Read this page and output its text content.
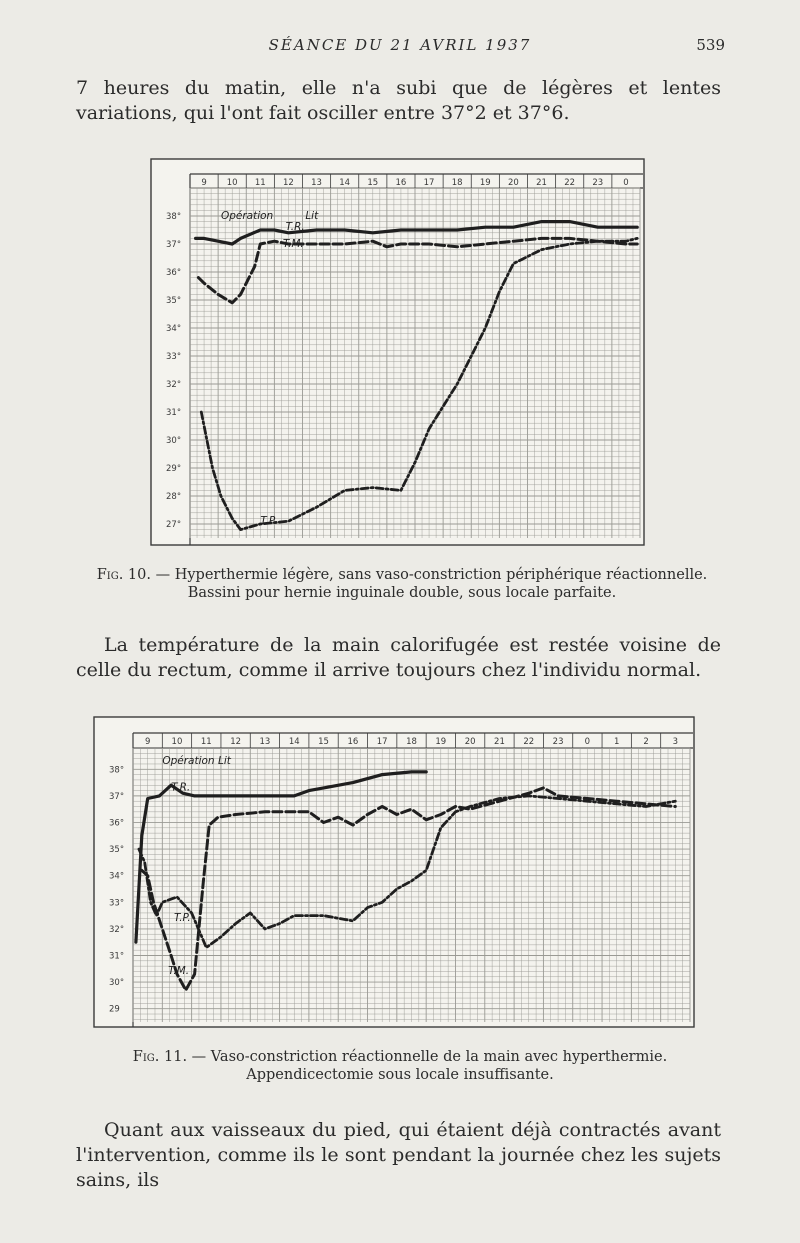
SÉANCE DU 21 AVRIL 1937	539
7 heures du matin, elle n'a subi que de légères et lentes variations, qui l'ont fait osciller entre 37°2 et 37°6.
9 10 11 12 13 14 15 16 17 18 19 20 21 22 23 0
38°
37°
36°
35°
34°
33°
32°
31°
30°
29°
28°
27°
Opération	Lit
T.R.
T.M.
T.P.
Fig. 10. — Hyperthermie légère, sans vaso-constriction périphérique réactionnelle. Bassini pour hernie inguinale double, sous locale parfaite.
La température de la main calorifugée est restée voisine de celle du rectum, comme il arrive toujours chez l'individu normal.
9 10 11 12 13 14 15 16 17 18 19 20 21 22 23 0	1	2	3
38°
37°
36°
35°
34°
33°
32°
31°
30°
29
Opération Lit
T.R.
T.P.
T.M.
Fig. 11. — Vaso-constriction réactionnelle de la main avec hyperthermie. Appendicectomie sous locale insuffisante.
Quant aux vaisseaux du pied, qui étaient déjà contractés avant l'intervention, comme ils le sont pendant la journée chez les sujets sains, ils
